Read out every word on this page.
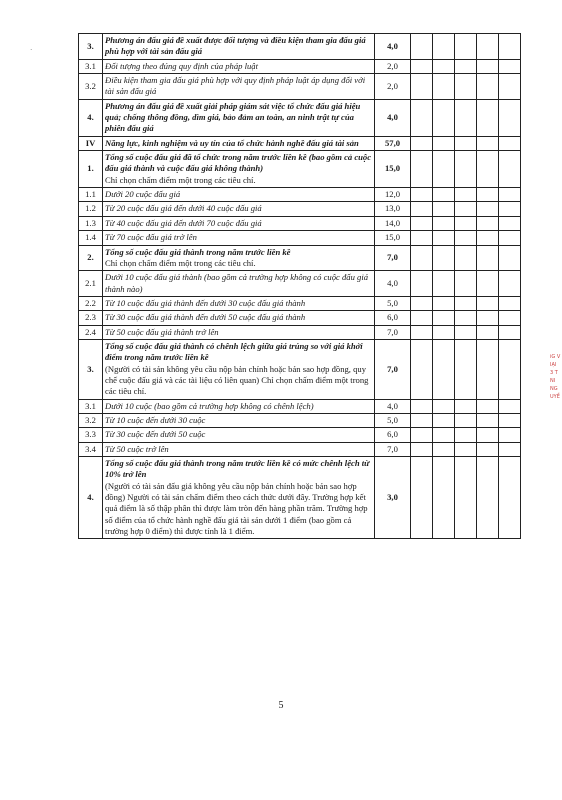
·	3.	Phương án đấu giá đề xuất được đối tượng và điều kiện tham gia đấu giá phù hợp với tài sản đấu giá	4,0					
3.1	Đối tượng theo đúng quy định của pháp luật	2,0					
3.2	Điều kiện tham gia đấu giá phù hợp với quy định pháp luật áp dụng đối với tài sản đấu giá	2,0					
4.	Phương án đấu giá đề xuất giải pháp giám sát việc tổ chức đấu giá hiệu quả; chống thông đồng, dìm giá, bảo đảm an toàn, an ninh trật tự của phiên đấu giá	4,0					
IV	Năng lực, kinh nghiệm và uy tín của tổ chức hành nghề đấu giá tài sản	57,0					
1.	Tổng số cuộc đấu giá đã tổ chức trong năm trước liền kề (bao gồm cả cuộc đấu giá thành và cuộc đấu giá không thành)
Chỉ chọn chấm điểm một trong các tiêu chí.	15,0					
1.1	Dưới 20 cuộc đấu giá	12,0					
1.2	Từ 20 cuộc đấu giá đến dưới 40 cuộc đấu giá	13,0					
1.3	Từ 40 cuộc đấu giá đến dưới 70 cuộc đấu giá	14,0					
1.4	Từ 70 cuộc đấu giá trở lên	15,0					
2.	Tổng số cuộc đấu giá thành trong năm trước liền kề
Chỉ chọn chấm điểm một trong các tiêu chí.	7,0					
2.1	Dưới 10 cuộc đấu giá thành (bao gồm cả trường hợp không có cuộc đấu giá thành nào)	4,0					
2.2	Từ 10 cuộc đấu giá thành đến dưới 30 cuộc đấu giá thành	5,0					
2.3	Từ 30 cuộc đấu giá thành đến dưới 50 cuộc đấu giá thành	6,0					
2.4	Từ 50 cuộc đấu giá thành trở lên	7,0					
3.	Tổng số cuộc đấu giá thành có chênh lệch giữa giá trúng so với giá khởi điểm trong năm trước liền kề
(Người có tài sản không yêu cầu nộp bản chính hoặc bản sao hợp đồng, quy chế cuộc đấu giá và các tài liệu có liên quan) Chỉ chọn chấm điểm một trong các tiêu chí.	7,0					
3.1	Dưới 10 cuộc (bao gồm cả trường hợp không có chênh lệch)	4,0					
3.2	Từ 10 cuộc đến dưới 30 cuộc	5,0					
3.3	Từ 30 cuộc đến dưới 50 cuộc	6,0					
3.4	Từ 50 cuộc trở lên	7,0					
4.	Tổng số cuộc đấu giá thành trong năm trước liền kề có mức chênh lệch từ 10% trở lên
(Người có tài sản đấu giá không yêu cầu nộp bản chính hoặc bản sao hợp đồng) Người có tài sản chấm điểm theo cách thức dưới đây. Trường hợp kết quả điểm là số thập phân thì được làm tròn đến hàng phần trăm. Trường hợp số điểm của tổ chức hành nghề đấu giá tài sản dưới 1 điểm (bao gồm cả trường hợp 0 điểm) thì được tính là 1 điểm.	3,0					
5
iG V
IẠI
3 T
NI
NG
UYỀ
